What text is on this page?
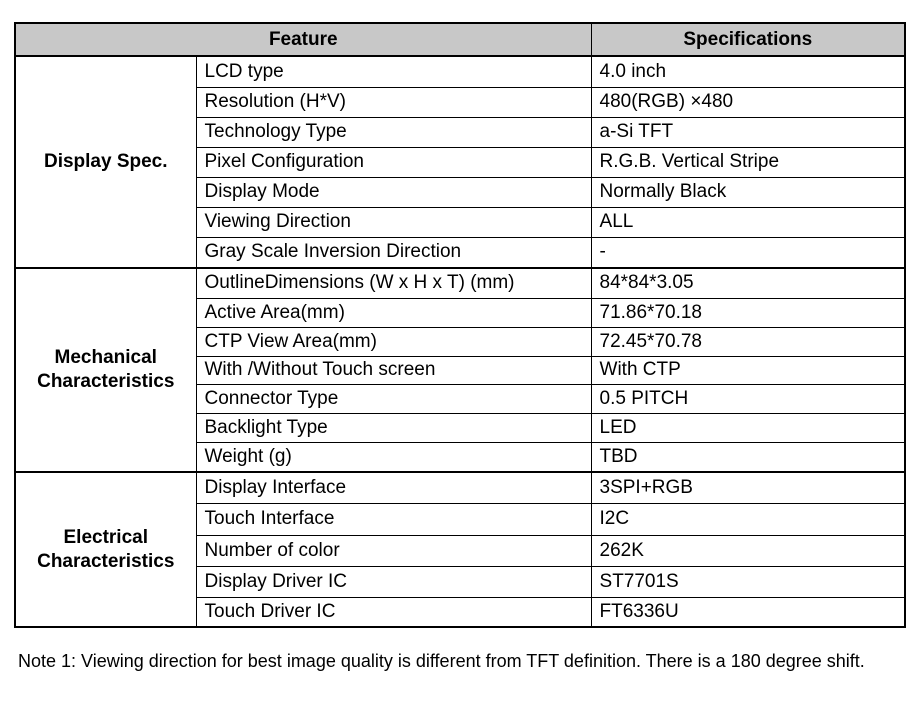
Feature		Specifications
Display Spec.	LCD type	4.0 inch
	Resolution (H*V)	480(RGB) ×480
	Technology Type	a-Si TFT
	Pixel Configuration	R.G.B. Vertical Stripe
	Display Mode	Normally Black
	Viewing Direction	ALL
	Gray Scale Inversion Direction	-
Mechanical Characteristics	OutlineDimensions (W x H x T) (mm)	84*84*3.05
	Active Area(mm)	71.86*70.18
	CTP View Area(mm)	72.45*70.78
	With /Without Touch screen	With CTP
	Connector Type	0.5 PITCH
	Backlight Type	LED
	Weight (g)	TBD
Electrical Characteristics	Display Interface	3SPI+RGB
	Touch Interface	I2C
	Number of color	262K
	Display Driver IC	ST7701S
	Touch Driver IC	FT6336U
Note 1: Viewing direction for best image quality is different from TFT definition. There is a 180 degree shift.
